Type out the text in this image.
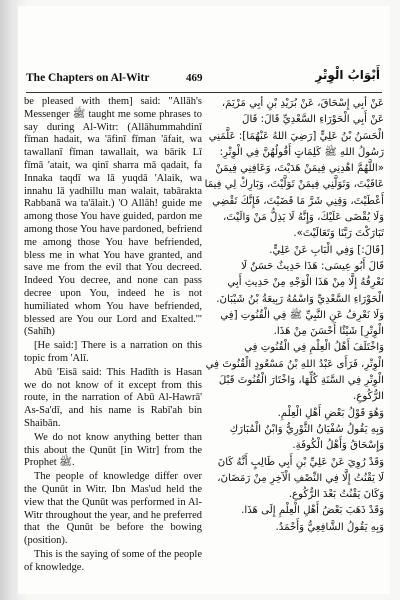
The Chapters on Al-Witr	469	أَبْوَابُ الْوِتْرِ

be pleased with them] said: "Allāh's Messenger ﷺ taught me some phrases to say during Al-Witr: (Allāhummahdinī fīman hadait, wa 'āfinī fīman 'āfait, wa tawallanī fīman tawallait, wa bārik Lī fīmā 'atait, wa qinī sharra mā qadait, fa Innaka taqdī wa lā yuqdā 'Alaik, wa innahu lā yadhillu man walait, tabārakta Rabbanā wa ta'ālait.) 'O Allāh! guide me among those You have guided, pardon me among those You have pardoned, befriend me among those You have befriended, bless me in what You have granted, and save me from the evil that You decreed. Indeed You decree, and none can pass decree upon You, indeed he is not humiliated whom You have befriended, blessed are You our Lord and Exalted.'" (Sahīh)

[He said:] There is a narration on this topic from 'Alī.

Abū 'Eisā said: This Hadīth is Hasan we do not know of it except from this route, in the narration of Abū Al-Hawrā' As-Sa'dī, and his name is Rabī'ah bin Shaibān.

We do not know anything better than this about the Qunūt [in Witr] from the Prophet ﷺ.

The people of knowledge differ over the Qunūt in Witr. Ibn Mas'ud held the view that the Qunūt was performed in Al-Witr throughout the year, and he preferred that the Qunūt be before the bowing (position).

This is the saying of some of the people of knowledge.

عَنْ أَبِي إِسْحَاقَ، عَنْ بُرَيْدِ بْنِ أَبِي مَرْيَمَ،
عَنْ أَبِي الْحَوْرَاءِ السَّعْدِيِّ قَالَ: قَالَ
الْحَسَنُ بْنُ عَلِيٍّ [رَضِيَ اللهُ عَنْهُمَا]: عَلَّمَنِي
رَسُولُ اللهِ ﷺ كَلِمَاتٍ أَقُولُهُنَّ فِي الْوِتْرِ:
«اللَّهُمَّ اهْدِنِي فِيمَنْ هَدَيْتَ، وَعَافِنِي فِيمَنْ
عَافَيْتَ، وَتَوَلَّنِي فِيمَنْ تَوَلَّيْتَ، وَبَارِكْ لِي فِيمَا
أَعْطَيْتَ، وَقِنِي شَرَّ مَا قَضَيْتَ، فَإِنَّكَ تَقْضِي
وَلَا يُقْضَى عَلَيْكَ، وَإِنَّهُ لَا يَذِلُّ مَنْ وَالَيْتَ،
تَبَارَكْتَ رَبَّنَا وَتَعَالَيْتَ».
[قَالَ:] وَفِي الْبَابِ عَنْ عَلِيٍّ.
قَالَ أَبُو عِيسَى: هَذَا حَدِيثٌ حَسَنٌ لَا
نَعْرِفُهُ إِلَّا مِنْ هَذَا الْوَجْهِ مِنْ حَدِيثِ أَبِي
الْحَوْرَاءِ السَّعْدِيِّ وَاسْمُهُ رَبِيعَةُ بْنُ شَيْبَانَ.
وَلَا نَعْرِفُ عَنِ النَّبِيِّ ﷺ فِي الْقُنُوتِ [فِي
الْوِتْرِ] شَيْئًا أَحْسَنَ مِنْ هَذَا.
وَاخْتَلَفَ أَهْلُ الْعِلْمِ فِي الْقُنُوتِ فِي
الْوِتْرِ، فَرَأَى عَبْدُ اللهِ بْنُ مَسْعُودٍ الْقُنُوتَ فِي
الْوِتْرِ فِي السَّنَةِ كُلِّهَا، وَاخْتَارَ الْقُنُوتَ قَبْلَ
الرُّكُوعِ.
وَهُوَ قَوْلُ بَعْضِ أَهْلِ الْعِلْمِ.
وَبِهِ يَقُولُ سُفْيَانُ الثَّوْرِيُّ وَابْنُ الْمُبَارَكِ
وَإِسْحَاقُ وَأَهْلُ الْكُوفَةِ.
وَقَدْ رُوِيَ عَنْ عَلِيِّ بْنِ أَبِي طَالِبٍ أَنَّهُ كَانَ
لَا يَقْنُتُ إِلَّا فِي النِّصْفِ الْآخِرِ مِنْ رَمَضَانَ،
وَكَانَ يَقْنُتُ بَعْدَ الرُّكُوعِ.
وَقَدْ ذَهَبَ بَعْضُ أَهْلِ الْعِلْمِ إِلَى هَذَا.
وَبِهِ يَقُولُ الشَّافِعِيُّ وَأَحْمَدُ.
